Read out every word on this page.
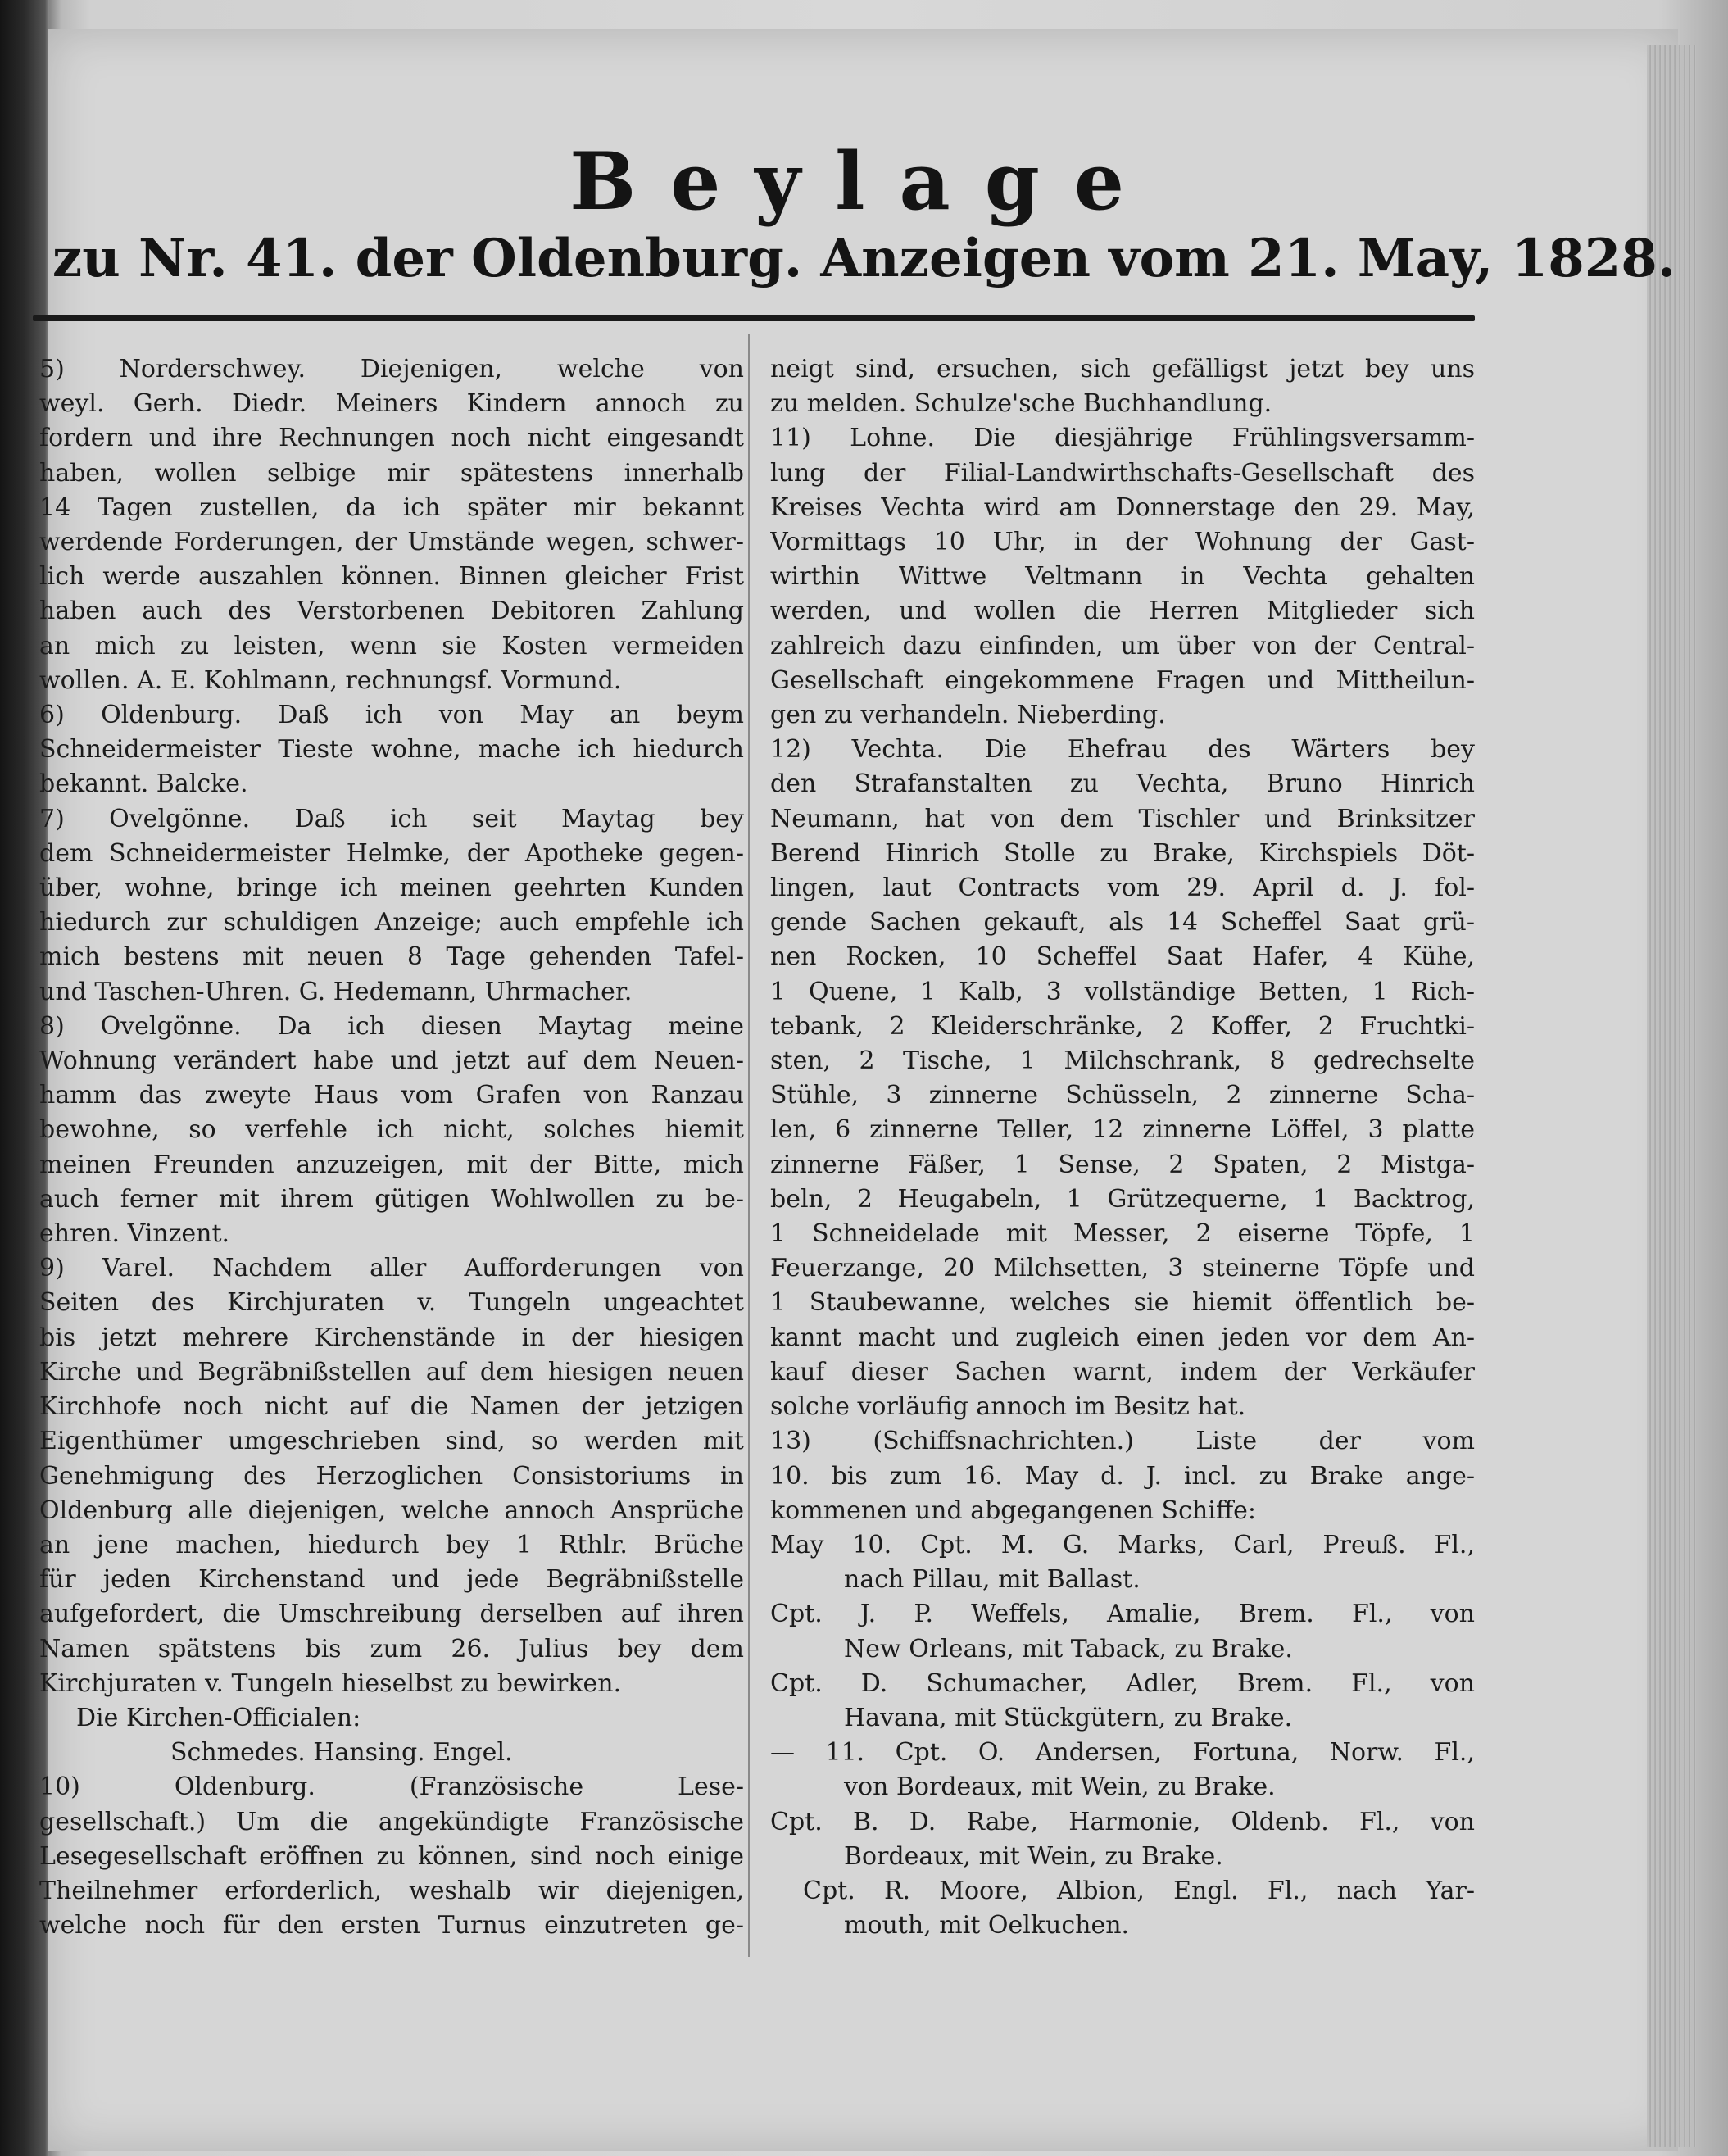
Beylage
zu Nr. 41. der Oldenburg. Anzeigen vom 21. May, 1828.
5) Norderschwey. Diejenigen, welche von
weyl. Gerh. Diedr. Meiners Kindern annoch zu
fordern und ihre Rechnungen noch nicht eingesandt
haben, wollen selbige mir spätestens innerhalb
14 Tagen zustellen, da ich später mir bekannt
werdende Forderungen, der Umstände wegen, schwer-
lich werde auszahlen können. Binnen gleicher Frist
haben auch des Verstorbenen Debitoren Zahlung
an mich zu leisten, wenn sie Kosten vermeiden
wollen. A. E. Kohlmann, rechnungsf. Vormund.
6) Oldenburg. Daß ich von May an beym
Schneidermeister Tieste wohne, mache ich hiedurch
bekannt. Balcke.
7) Ovelgönne. Daß ich seit Maytag bey
dem Schneidermeister Helmke, der Apotheke gegen-
über, wohne, bringe ich meinen geehrten Kunden
hiedurch zur schuldigen Anzeige; auch empfehle ich
mich bestens mit neuen 8 Tage gehenden Tafel-
und Taschen-Uhren. G. Hedemann, Uhrmacher.
8) Ovelgönne. Da ich diesen Maytag meine
Wohnung verändert habe und jetzt auf dem Neuen-
hamm das zweyte Haus vom Grafen von Ranzau
bewohne, so verfehle ich nicht, solches hiemit
meinen Freunden anzuzeigen, mit der Bitte, mich
auch ferner mit ihrem gütigen Wohlwollen zu be-
ehren. Vinzent.
9) Varel. Nachdem aller Aufforderungen von
Seiten des Kirchjuraten v. Tungeln ungeachtet
bis jetzt mehrere Kirchenstände in der hiesigen
Kirche und Begräbnißstellen auf dem hiesigen neuen
Kirchhofe noch nicht auf die Namen der jetzigen
Eigenthümer umgeschrieben sind, so werden mit
Genehmigung des Herzoglichen Consistoriums in
Oldenburg alle diejenigen, welche annoch Ansprüche
an jene machen, hiedurch bey 1 Rthlr. Brüche
für jeden Kirchenstand und jede Begräbnißstelle
aufgefordert, die Umschreibung derselben auf ihren
Namen spätstens bis zum 26. Julius bey dem
Kirchjuraten v. Tungeln hieselbst zu bewirken.
Die Kirchen-Officialen:
Schmedes. Hansing. Engel.
10) Oldenburg. (Französische Lese-
gesellschaft.) Um die angekündigte Französische
Lesegesellschaft eröffnen zu können, sind noch einige
Theilnehmer erforderlich, weshalb wir diejenigen,
welche noch für den ersten Turnus einzutreten ge-
neigt sind, ersuchen, sich gefälligst jetzt bey uns
zu melden. Schulze'sche Buchhandlung.
11) Lohne. Die diesjährige Frühlingsversamm-
lung der Filial-Landwirthschafts-Gesellschaft des
Kreises Vechta wird am Donnerstage den 29. May,
Vormittags 10 Uhr, in der Wohnung der Gast-
wirthin Wittwe Veltmann in Vechta gehalten
werden, und wollen die Herren Mitglieder sich
zahlreich dazu einfinden, um über von der Central-
Gesellschaft eingekommene Fragen und Mittheilun-
gen zu verhandeln. Nieberding.
12) Vechta. Die Ehefrau des Wärters bey
den Strafanstalten zu Vechta, Bruno Hinrich
Neumann, hat von dem Tischler und Brinksitzer
Berend Hinrich Stolle zu Brake, Kirchspiels Döt-
lingen, laut Contracts vom 29. April d. J. fol-
gende Sachen gekauft, als 14 Scheffel Saat grü-
nen Rocken, 10 Scheffel Saat Hafer, 4 Kühe,
1 Quene, 1 Kalb, 3 vollständige Betten, 1 Rich-
tebank, 2 Kleiderschränke, 2 Koffer, 2 Fruchtki-
sten, 2 Tische, 1 Milchschrank, 8 gedrechselte
Stühle, 3 zinnerne Schüsseln, 2 zinnerne Scha-
len, 6 zinnerne Teller, 12 zinnerne Löffel, 3 platte
zinnerne Fäßer, 1 Sense, 2 Spaten, 2 Mistga-
beln, 2 Heugabeln, 1 Grützequerne, 1 Backtrog,
1 Schneidelade mit Messer, 2 eiserne Töpfe, 1
Feuerzange, 20 Milchsetten, 3 steinerne Töpfe und
1 Staubewanne, welches sie hiemit öffentlich be-
kannt macht und zugleich einen jeden vor dem An-
kauf dieser Sachen warnt, indem der Verkäufer
solche vorläufig annoch im Besitz hat.
13) (Schiffsnachrichten.) Liste der vom
10. bis zum 16. May d. J. incl. zu Brake ange-
kommenen und abgegangenen Schiffe:
May 10. Cpt. M. G. Marks, Carl, Preuß. Fl.,
nach Pillau, mit Ballast.
Cpt. J. P. Weffels, Amalie, Brem. Fl., von
New Orleans, mit Taback, zu Brake.
Cpt. D. Schumacher, Adler, Brem. Fl., von
Havana, mit Stückgütern, zu Brake.
— 11. Cpt. O. Andersen, Fortuna, Norw. Fl.,
von Bordeaux, mit Wein, zu Brake.
Cpt. B. D. Rabe, Harmonie, Oldenb. Fl., von
Bordeaux, mit Wein, zu Brake.
Cpt. R. Moore, Albion, Engl. Fl., nach Yar-
mouth, mit Oelkuchen.
